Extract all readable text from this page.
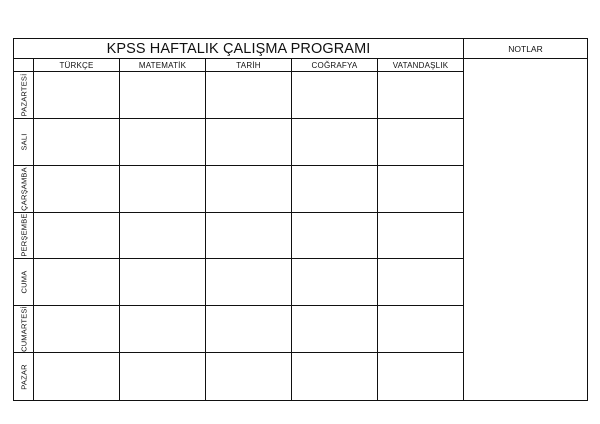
KPSS HAFTALIK ÇALIŞMA PROGRAMI	NOTLAR
TÜRKÇE	MATEMATİK	TARİH	COĞRAFYA	VATANDAŞLIK
PAZARTESİ
SALI
ÇARŞAMBA
PERŞEMBE
CUMA
CUMARTESİ
PAZAR
